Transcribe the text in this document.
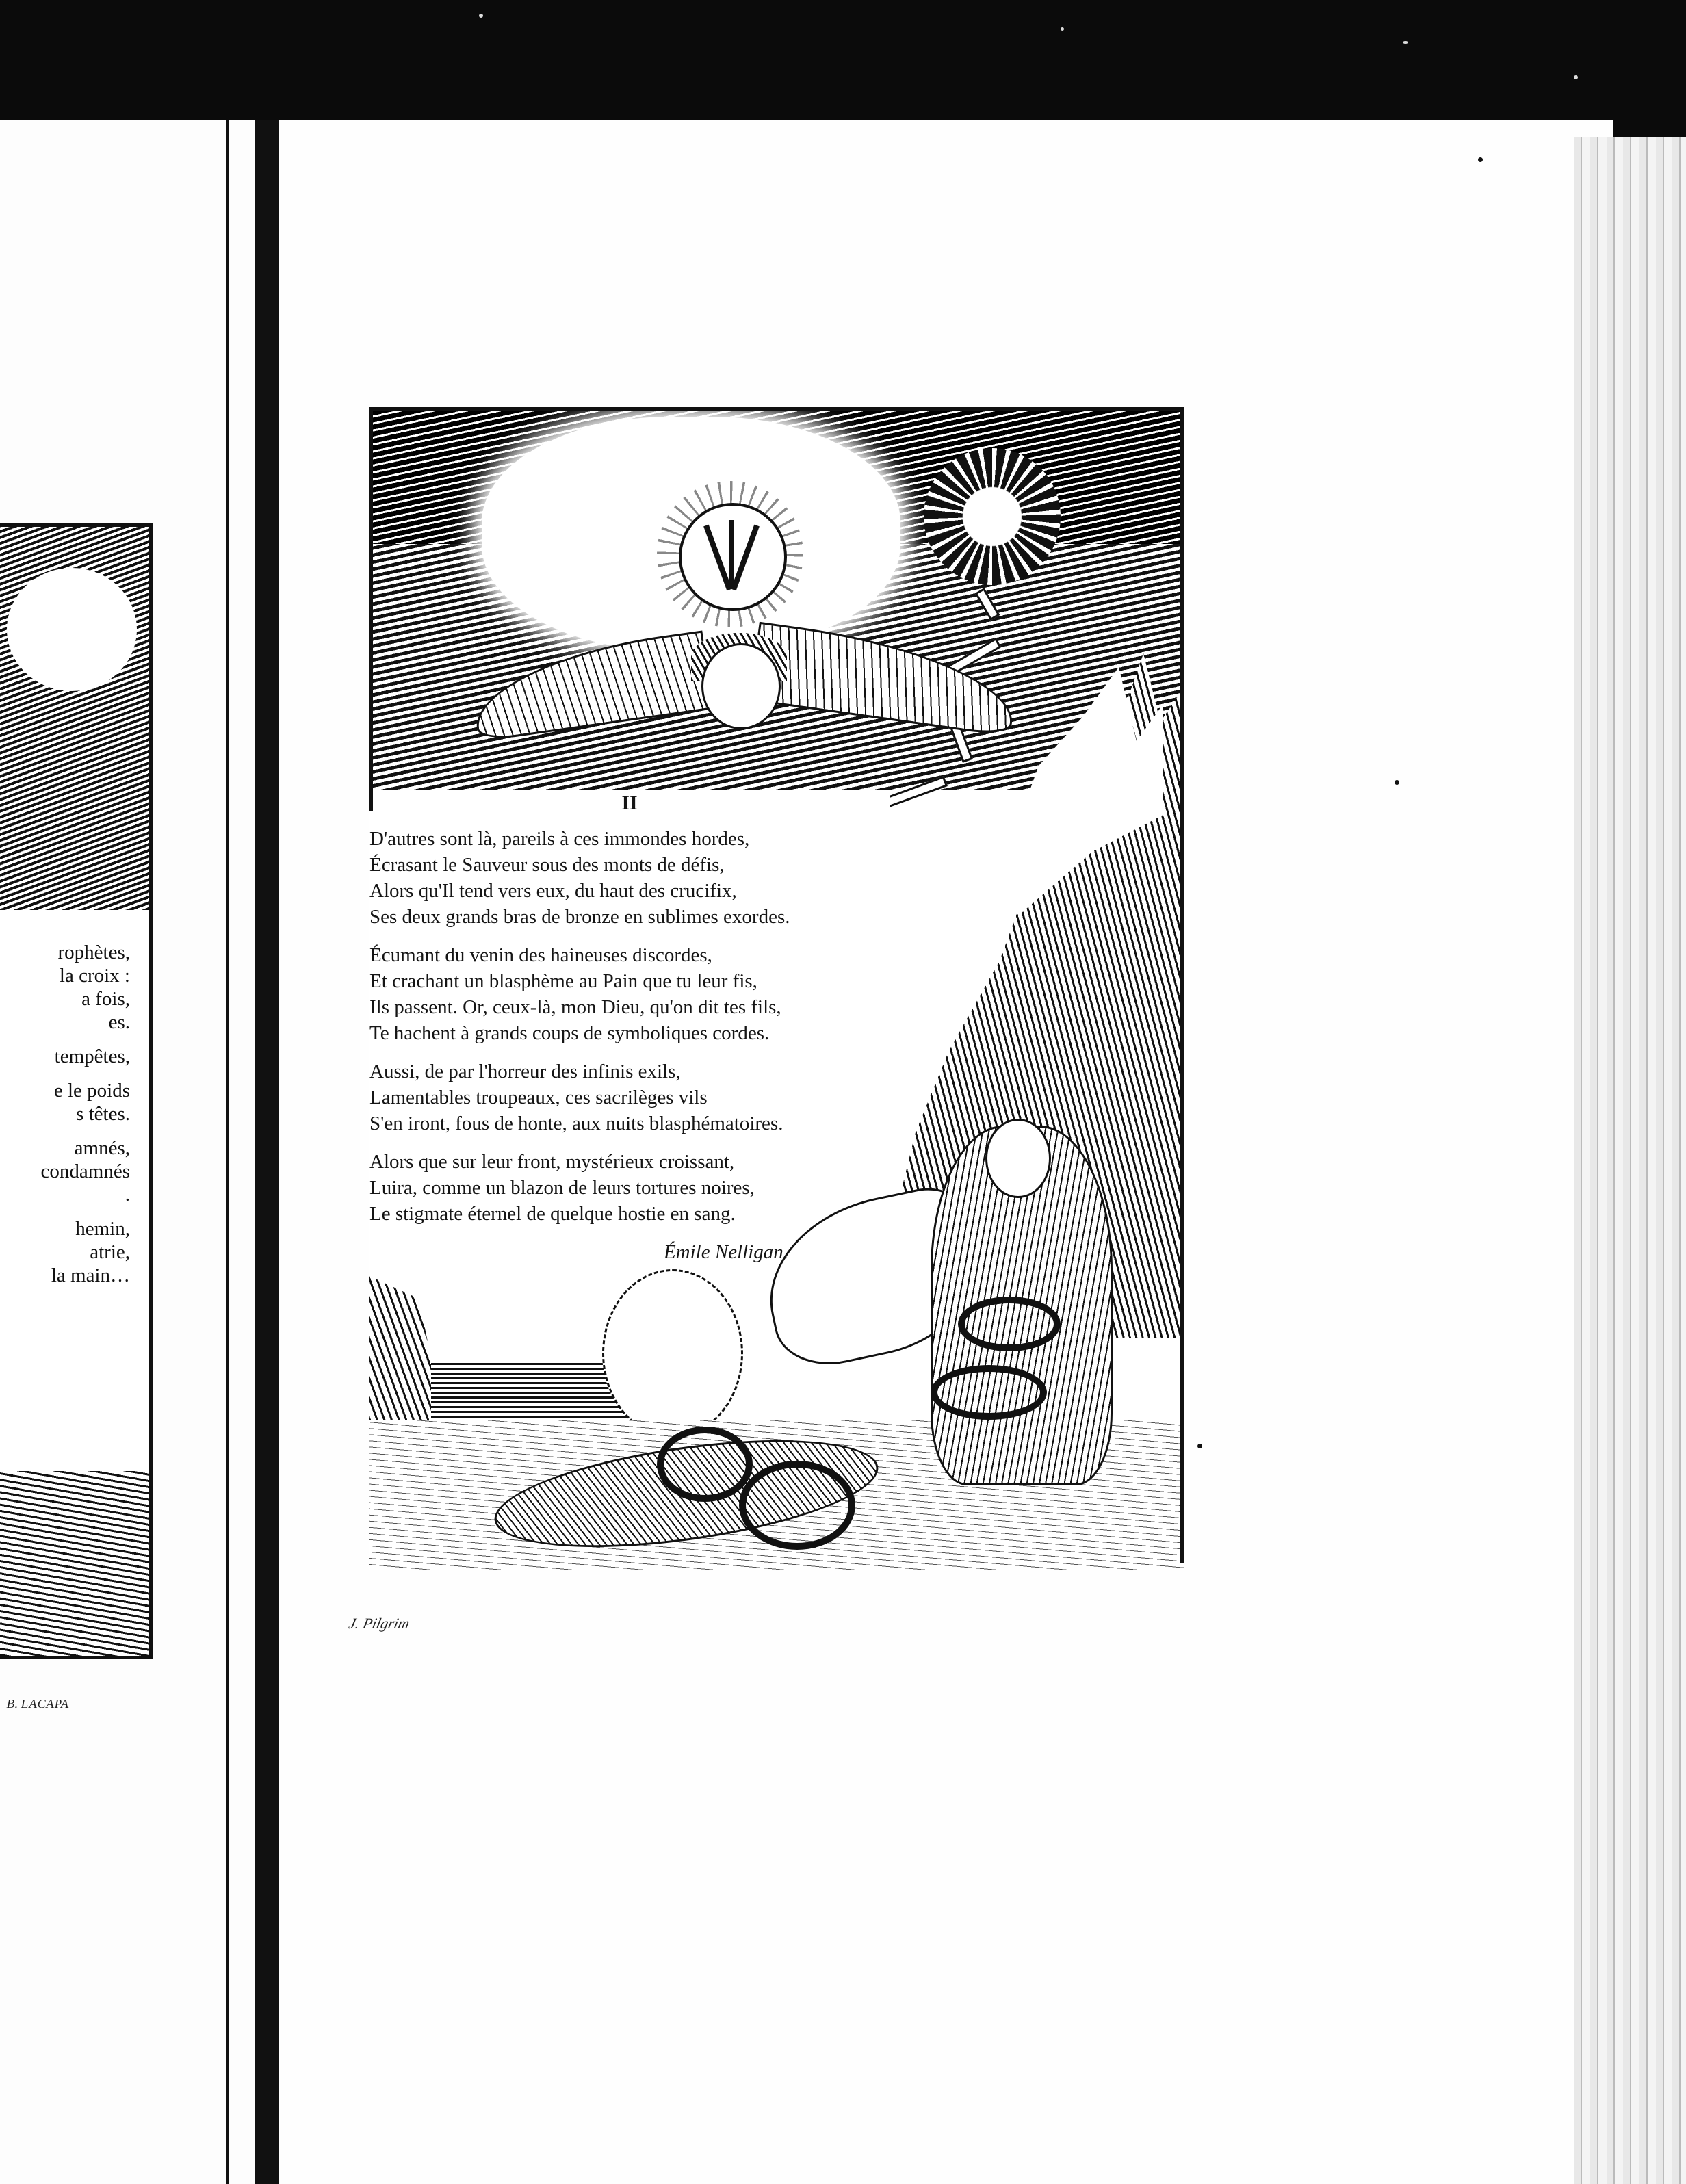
rophètes,
la croix :
a fois,
es.
tempêtes,
e le poids
s têtes.
amnés,
condamnés
.
hemin,
atrie,
la main…
B. LACAPA
II
D'autres sont là, pareils à ces immondes hordes,
Écrasant le Sauveur sous des monts de défis,
Alors qu'Il tend vers eux, du haut des crucifix,
Ses deux grands bras de bronze en sublimes exordes.
Écumant du venin des haineuses discordes,
Et crachant un blasphème au Pain que tu leur fis,
Ils passent. Or, ceux-là, mon Dieu, qu'on dit tes fils,
Te hachent à grands coups de symboliques cordes.
Aussi, de par l'horreur des infinis exils,
Lamentables troupeaux, ces sacrilèges vils
S'en iront, fous de honte, aux nuits blasphématoires.
Alors que sur leur front, mystérieux croissant,
Luira, comme un blazon de leurs tortures noires,
Le stigmate éternel de quelque hostie en sang.
Émile Nelligan.
J. Pilgrim
